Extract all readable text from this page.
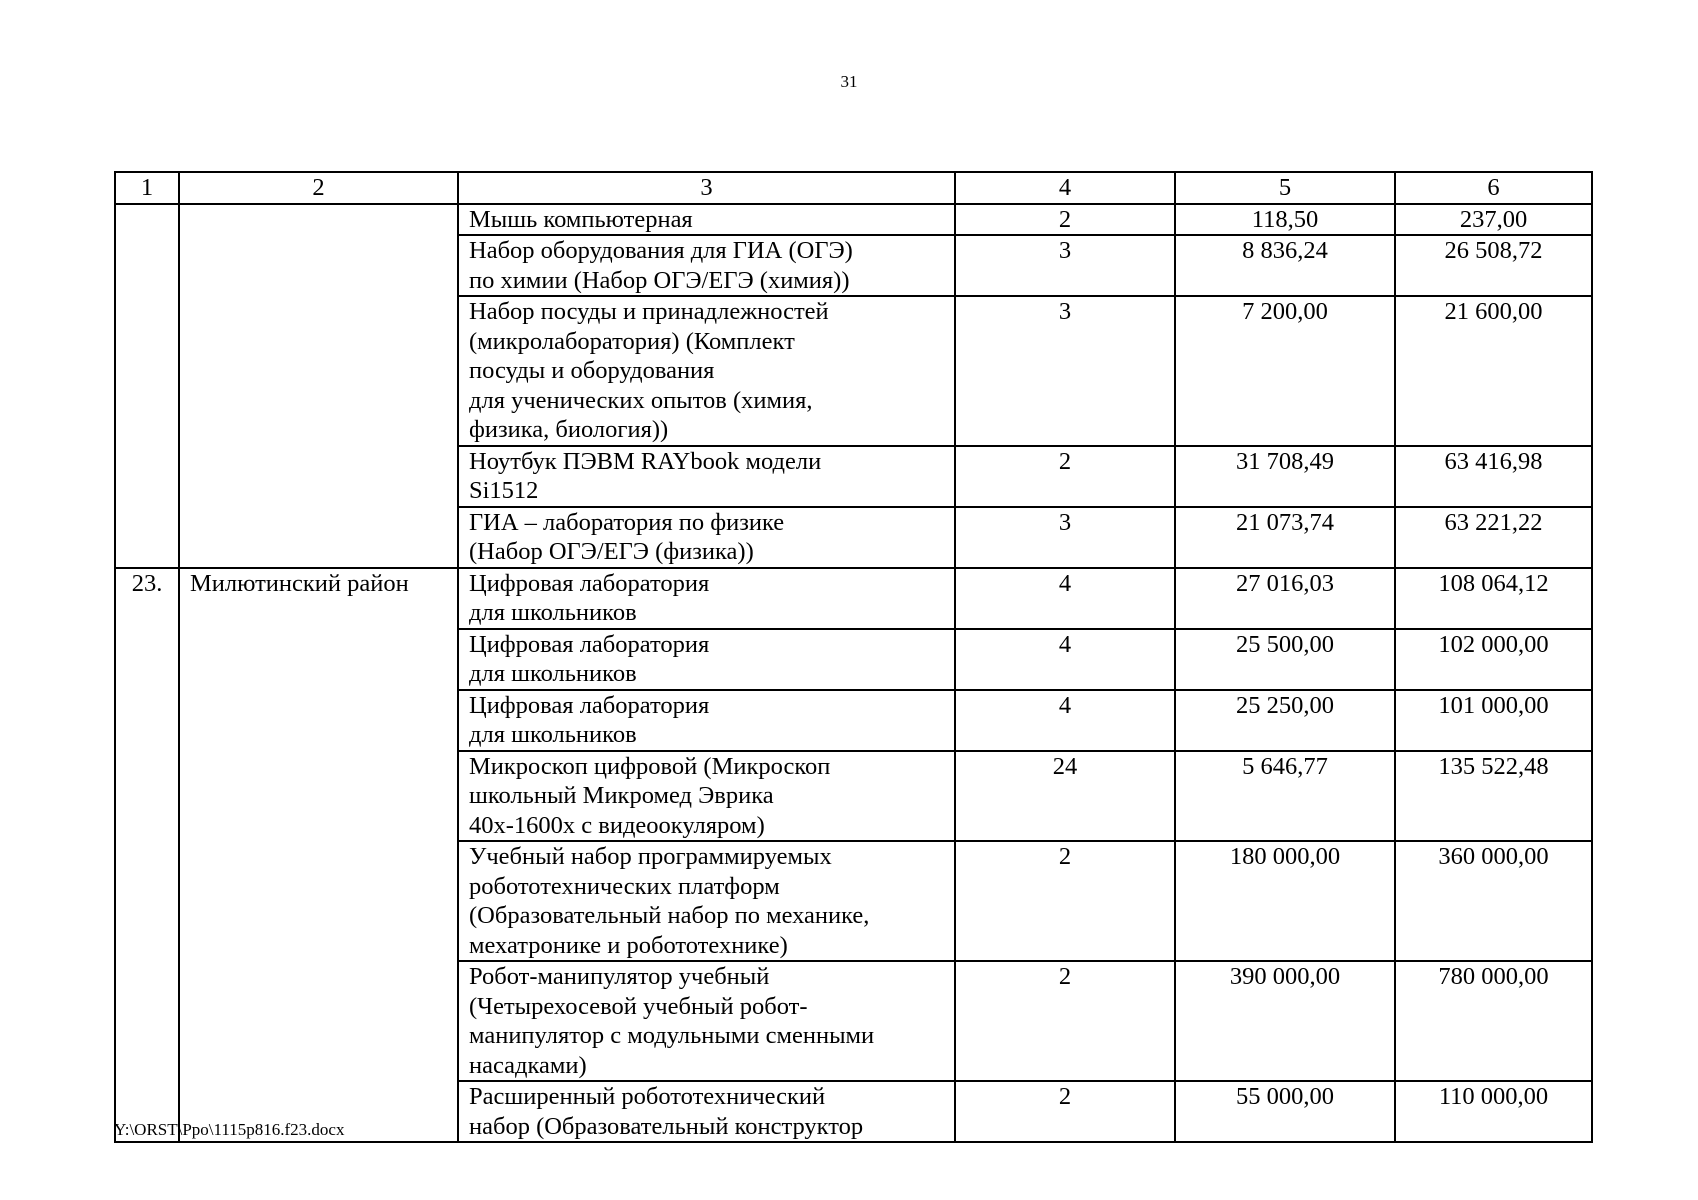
31
1	2	3	4	5	6
		Мышь компьютерная	2	118,50	237,00
		Набор оборудования для ГИА (ОГЭ)
по химии (Набор ОГЭ/ЕГЭ (химия))	3	8 836,24	26 508,72
		Набор посуды и принадлежностей
(микролаборатория) (Комплект
посуды и оборудования
для ученических опытов (химия,
физика, биология))	3	7 200,00	21 600,00
		Ноутбук ПЭВМ RAYbook модели
Si1512	2	31 708,49	63 416,98
		ГИА – лаборатория по физике
(Набор ОГЭ/ЕГЭ (физика))	3	21 073,74	63 221,22
23.	Милютинский район	Цифровая лаборатория
для школьников	4	27 016,03	108 064,12
		Цифровая лаборатория
для школьников	4	25 500,00	102 000,00
		Цифровая лаборатория
для школьников	4	25 250,00	101 000,00
		Микроскоп цифровой (Микроскоп
школьный Микромед Эврика
40х-1600х с видеоокуляром)	24	5 646,77	135 522,48
		Учебный набор программируемых
робототехнических платформ
(Образовательный набор по механике,
мехатронике и робототехнике)	2	180 000,00	360 000,00
		Робот-манипулятор учебный
(Четырехосевой учебный робот-
манипулятор с модульными сменными
насадками)	2	390 000,00	780 000,00
		Расширенный робототехнический
набор (Образовательный конструктор	2	55 000,00	110 000,00
Y:\ORST\Ppo\1115p816.f23.docx
